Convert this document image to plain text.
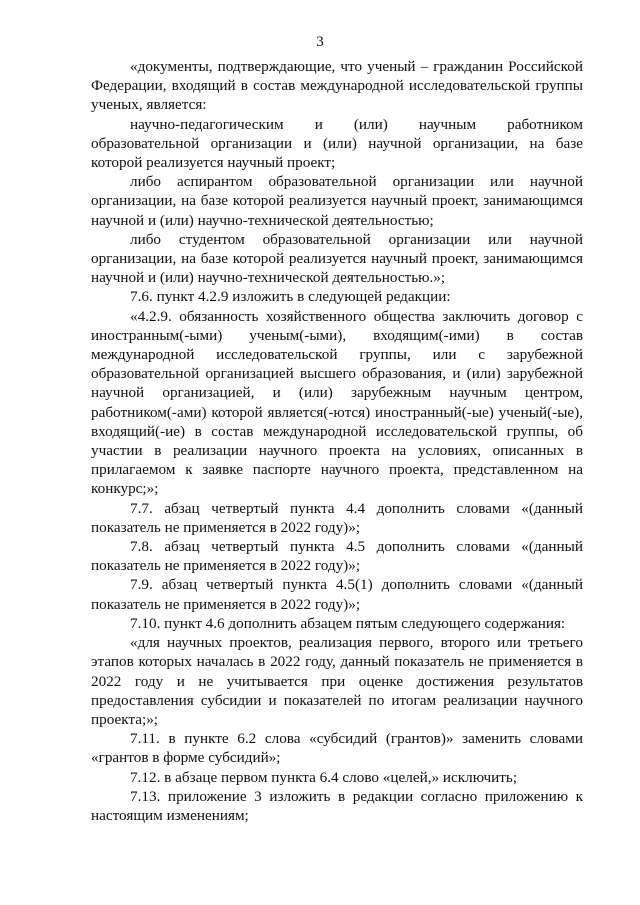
3

«документы, подтверждающие, что ученый – гражданин Российской Федерации, входящий в состав международной исследовательской группы ученых, является:

научно-педагогическим и (или) научным работником образовательной организации и (или) научной организации, на базе которой реализуется научный проект;

либо аспирантом образовательной организации или научной организации, на базе которой реализуется научный проект, занимающимся научной и (или) научно-технической деятельностью;

либо студентом образовательной организации или научной организации, на базе которой реализуется научный проект, занимающимся научной и (или) научно-технической деятельностью.»;

7.6. пункт 4.2.9 изложить в следующей редакции:

«4.2.9. обязанность хозяйственного общества заключить договор с иностранным(-ыми) ученым(-ыми), входящим(-ими) в состав международной исследовательской группы, или с зарубежной образовательной организацией высшего образования, и (или) зарубежной научной организацией, и (или) зарубежным научным центром, работником(-ами) которой является(-ются) иностранный(-ые) ученый(-ые), входящий(-ие) в состав международной исследовательской группы, об участии в реализации научного проекта на условиях, описанных в прилагаемом к заявке паспорте научного проекта, представленном на конкурс;»;

7.7. абзац четвертый пункта 4.4 дополнить словами «(данный показатель не применяется в 2022 году)»;

7.8. абзац четвертый пункта 4.5 дополнить словами «(данный показатель не применяется в 2022 году)»;

7.9. абзац четвертый пункта 4.5(1) дополнить словами «(данный показатель не применяется в 2022 году)»;

7.10. пункт 4.6 дополнить абзацем пятым следующего содержания:

«для научных проектов, реализация первого, второго или третьего этапов которых началась в 2022 году, данный показатель не применяется в 2022 году и не учитывается при оценке достижения результатов предоставления субсидии и показателей по итогам реализации научного проекта;»;

7.11. в пункте 6.2 слова «субсидий (грантов)» заменить словами «грантов в форме субсидий»;

7.12. в абзаце первом пункта 6.4 слово «целей,» исключить;

7.13. приложение 3 изложить в редакции согласно приложению к настоящим изменениям;
